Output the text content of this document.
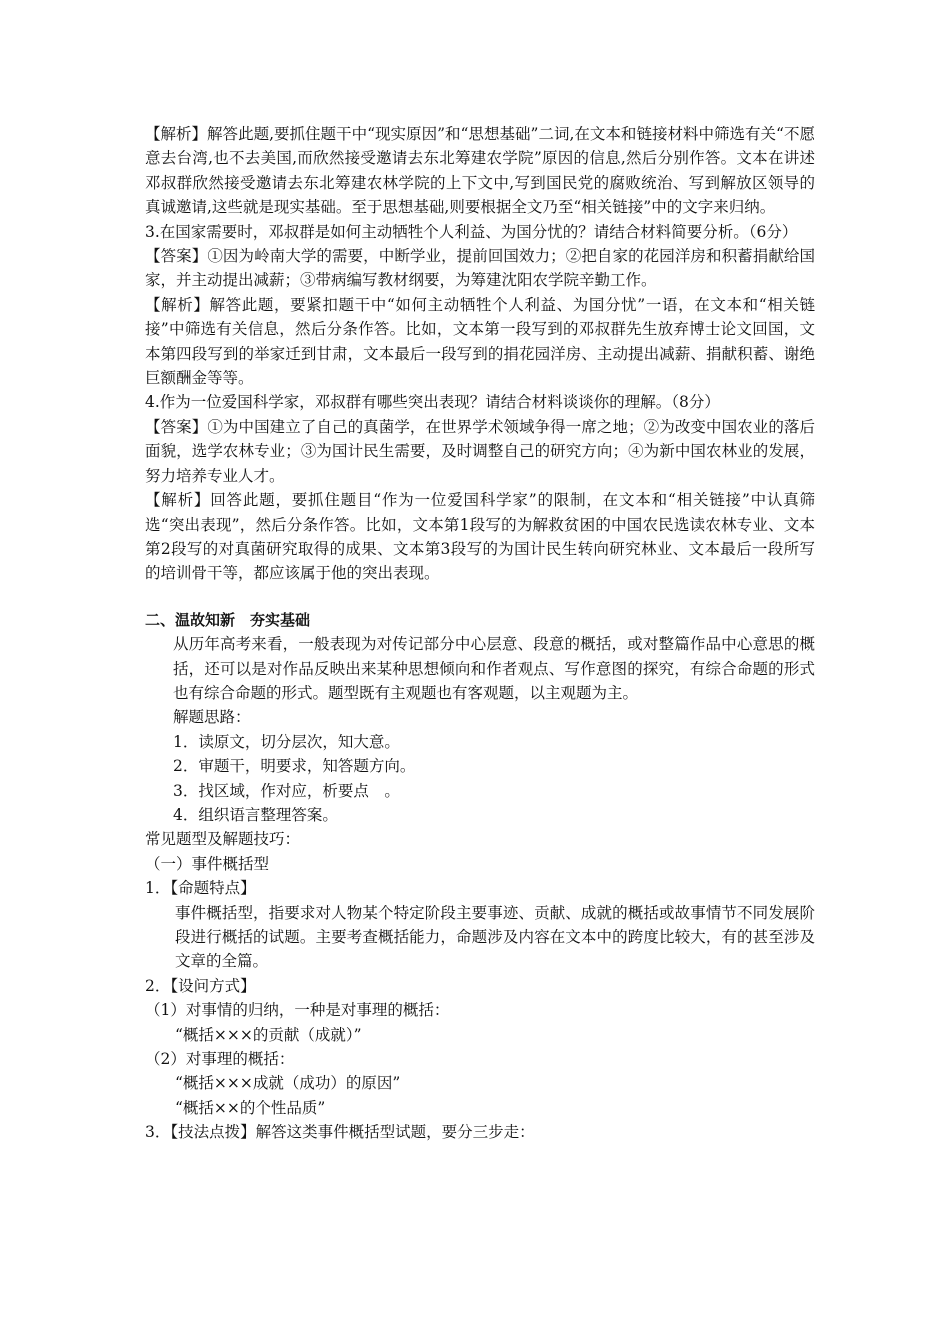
【解析】解答此题,要抓住题干中“现实原因”和“思想基础”二词,在文本和链接材料中筛选有关“不愿意去台湾,也不去美国,而欣然接受邀请去东北筹建农学院”原因的信息,然后分别作答。文本在讲述邓叔群欣然接受邀请去东北筹建农林学院的上下文中,写到国民党的腐败统治、写到解放区领导的真诚邀请,这些就是现实基础。至于思想基础,则要根据全文乃至“相关链接”中的文字来归纳。

3.在国家需要时，邓叔群是如何主动牺牲个人利益、为国分忧的？请结合材料简要分析。（6分）

【答案】①因为岭南大学的需要，中断学业，提前回国效力；②把自家的花园洋房和积蓄捐献给国家，并主动提出减薪；③带病编写教材纲要，为筹建沈阳农学院辛勤工作。

【解析】解答此题，要紧扣题干中“如何主动牺牲个人利益、为国分忧”一语，在文本和“相关链接”中筛选有关信息，然后分条作答。比如，文本第一段写到的邓叔群先生放弃博士论文回国，文本第四段写到的举家迁到甘肃，文本最后一段写到的捐花园洋房、主动提出减薪、捐献积蓄、谢绝巨额酬金等等。

4.作为一位爱国科学家，邓叔群有哪些突出表现？请结合材料谈谈你的理解。（8分）

【答案】①为中国建立了自己的真菌学，在世界学术领域争得一席之地；②为改变中国农业的落后面貌，选学农林专业；③为国计民生需要，及时调整自己的研究方向；④为新中国农林业的发展，努力培养专业人才。

【解析】回答此题，要抓住题目“作为一位爱国科学家”的限制，在文本和“相关链接”中认真筛选“突出表现”，然后分条作答。比如，文本第1段写的为解救贫困的中国农民选读农林专业、文本第2段写的对真菌研究取得的成果、文本第3段写的为国计民生转向研究林业、文本最后一段所写的培训骨干等，都应该属于他的突出表现。

二、温故知新　夯实基础

从历年高考来看，一般表现为对传记部分中心层意、段意的概括，或对整篇作品中心意思的概括，还可以是对作品反映出来某种思想倾向和作者观点、写作意图的探究，有综合命题的形式也有综合命题的形式。题型既有主观题也有客观题，以主观题为主。

解题思路：

1．读原文，切分层次，知大意。

2．审题干，明要求，知答题方向。

3．找区域，作对应，析要点　。

4．组织语言整理答案。

常见题型及解题技巧：

（一）事件概括型

1．【命题特点】

事件概括型，指要求对人物某个特定阶段主要事迹、贡献、成就的概括或故事情节不同发展阶段进行概括的试题。主要考查概括能力，命题涉及内容在文本中的跨度比较大，有的甚至涉及文章的全篇。

2．【设问方式】

（1）对事情的归纳，一种是对事理的概括：

“概括×××的贡献（成就）”

（2）对事理的概括：

“概括×××成就（成功）的原因”

“概括××的个性品质”

3．【技法点拨】解答这类事件概括型试题，要分三步走：
